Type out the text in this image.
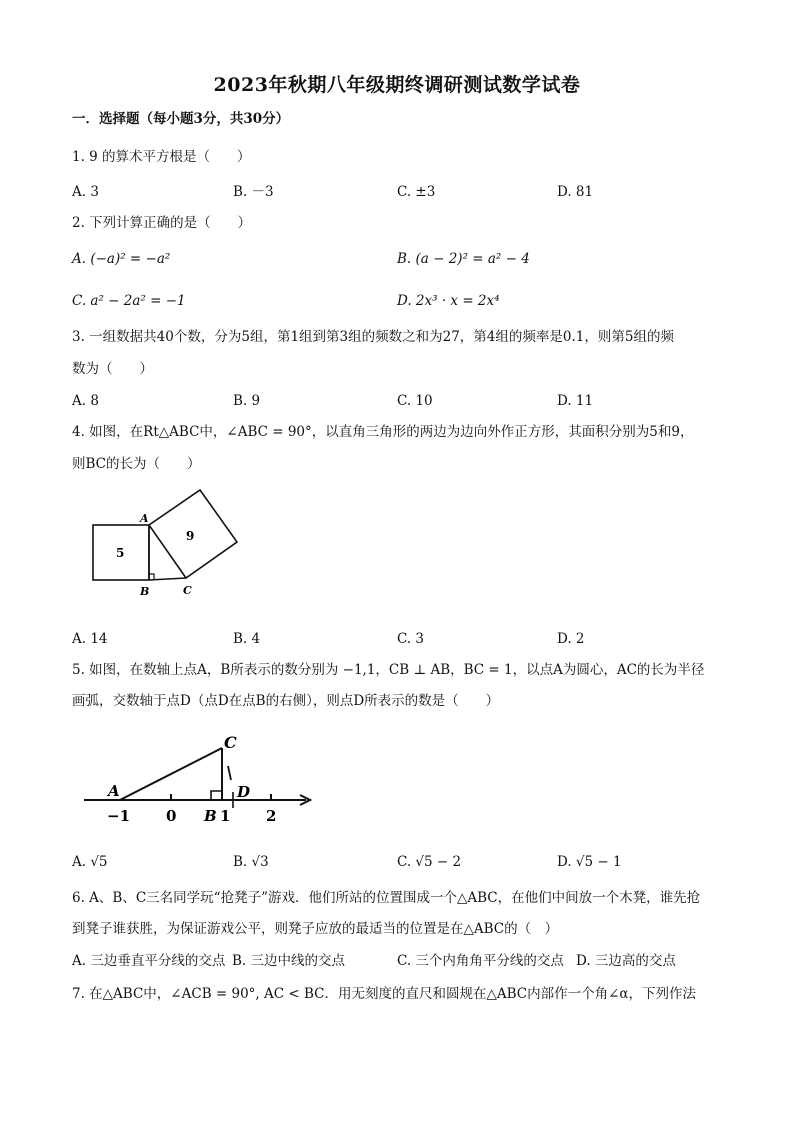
2023年秋期八年级期终调研测试数学试卷
一．选择题（每小题3分，共30分）
1. 9 的算术平方根是（　　）
A. 3	B. －3	C. ±3	D. 81
2. 下列计算正确的是（　　）
A. (−a)² = −a²	B. (a − 2)² = a² − 4
C. a² − 2a² = −1	D. 2x³ · x = 2x⁴
3. 一组数据共40个数，分为5组，第1组到第3组的频数之和为27，第4组的频率是0.1，则第5组的频
数为（　　）
A. 8	B. 9	C. 10	D. 11
4. 如图，在Rt△ABC中，∠ABC = 90°，以直角三角形的两边为边向外作正方形，其面积分别为5和9，
则BC的长为（　　）
5
9
A
B	C
A. 14	B. 4	C. 3	D. 2
5. 如图，在数轴上点A，B所表示的数分别为 −1,1，CB ⊥ AB，BC = 1，以点A为圆心，AC的长为半径
画弧，交数轴于点D（点D在点B的右侧），则点D所表示的数是（　　）
A
C
D
−1 0 B 1 2
A. √5	B. √3	C. √5 − 2	D. √5 − 1
6. A、B、C三名同学玩“抢凳子”游戏．他们所站的位置围成一个△ABC，在他们中间放一个木凳，谁先抢
到凳子谁获胜，为保证游戏公平，则凳子应放的最适当的位置是在△ABC的（　）
A. 三边垂直平分线的交点 B. 三边中线的交点	C. 三个内角角平分线的交点 D. 三边高的交点
7. 在△ABC中，∠ACB = 90°, AC < BC．用无刻度的直尺和圆规在△ABC内部作一个角∠α，下列作法
